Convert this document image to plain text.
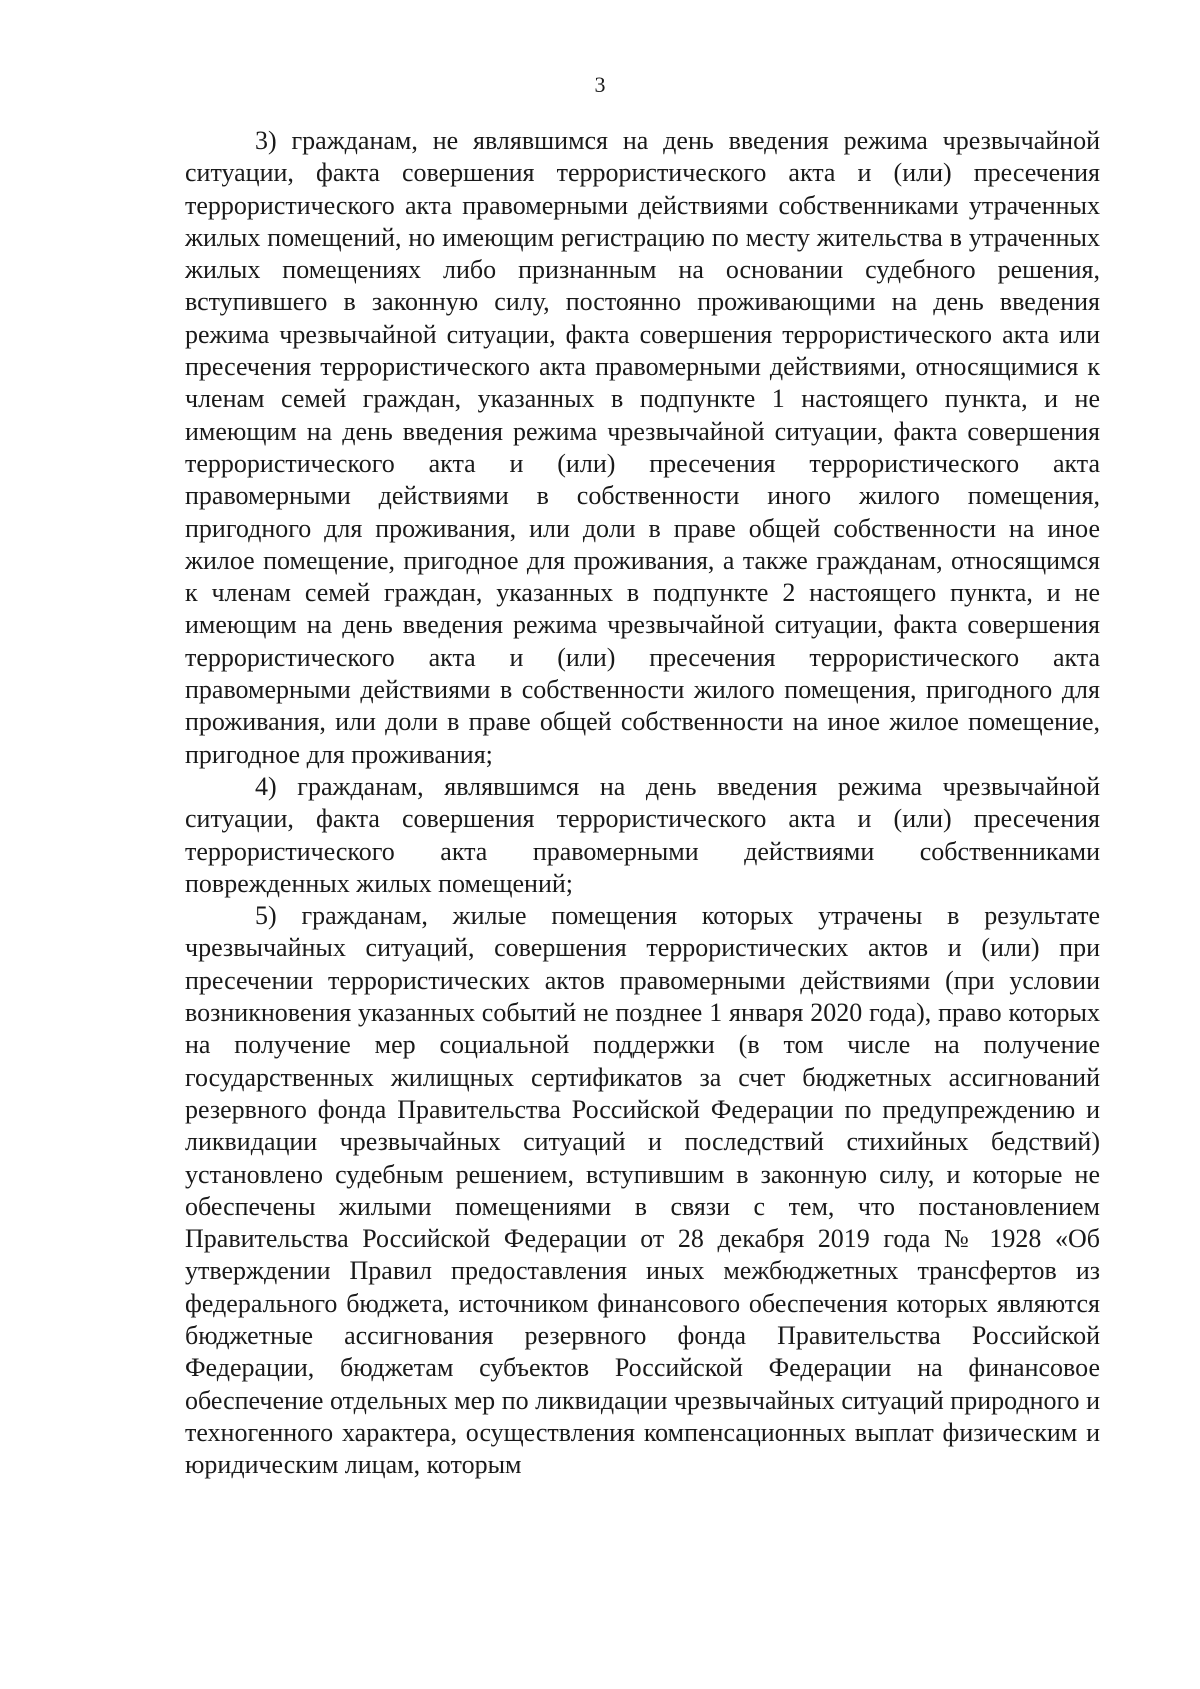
3

3) гражданам, не являвшимся на день введения режима чрезвычайной ситуации, факта совершения террористического акта и (или) пресечения террористического акта правомерными действиями собственниками утраченных жилых помещений, но имеющим регистрацию по месту жительства в утраченных жилых помещениях либо признанным на основании судебного решения, вступившего в законную силу, постоянно проживающими на день введения режима чрезвычайной ситуации, факта совершения террористического акта или пресечения террористического акта правомерными действиями, относящимися к членам семей граждан, указанных в подпункте 1 настоящего пункта, и не имеющим на день введения режима чрезвычайной ситуации, факта совершения террористического акта и (или) пресечения террористического акта правомерными действиями в собственности иного жилого помещения, пригодного для проживания, или доли в праве общей собственности на иное жилое помещение, пригодное для проживания, а также гражданам, относящимся к членам семей граждан, указанных в подпункте 2 настоящего пункта, и не имеющим на день введения режима чрезвычайной ситуации, факта совершения террористического акта и (или) пресечения террористического акта правомерными действиями в собственности жилого помещения, пригодного для проживания, или доли в праве общей собственности на иное жилое помещение, пригодное для проживания;

4) гражданам, являвшимся на день введения режима чрезвычайной ситуации, факта совершения террористического акта и (или) пресечения террористического акта правомерными действиями собственниками поврежденных жилых помещений;

5) гражданам, жилые помещения которых утрачены в результате чрезвычайных ситуаций, совершения террористических актов и (или) при пресечении террористических актов правомерными действиями (при условии возникновения указанных событий не позднее 1 января 2020 года), право которых на получение мер социальной поддержки (в том числе на получение государственных жилищных сертификатов за счет бюджетных ассигнований резервного фонда Правительства Российской Федерации по предупреждению и ликвидации чрезвычайных ситуаций и последствий стихийных бедствий) установлено судебным решением, вступившим в законную силу, и которые не обеспечены жилыми помещениями в связи с тем, что постановлением Правительства Российской Федерации от 28 декабря 2019 года № 1928 «Об утверждении Правил предоставления иных межбюджетных трансфертов из федерального бюджета, источником финансового обеспечения которых являются бюджетные ассигнования резервного фонда Правительства Российской Федерации, бюджетам субъектов Российской Федерации на финансовое обеспечение отдельных мер по ликвидации чрезвычайных ситуаций природного и техногенного характера, осуществления компенсационных выплат физическим и юридическим лицам, которым
